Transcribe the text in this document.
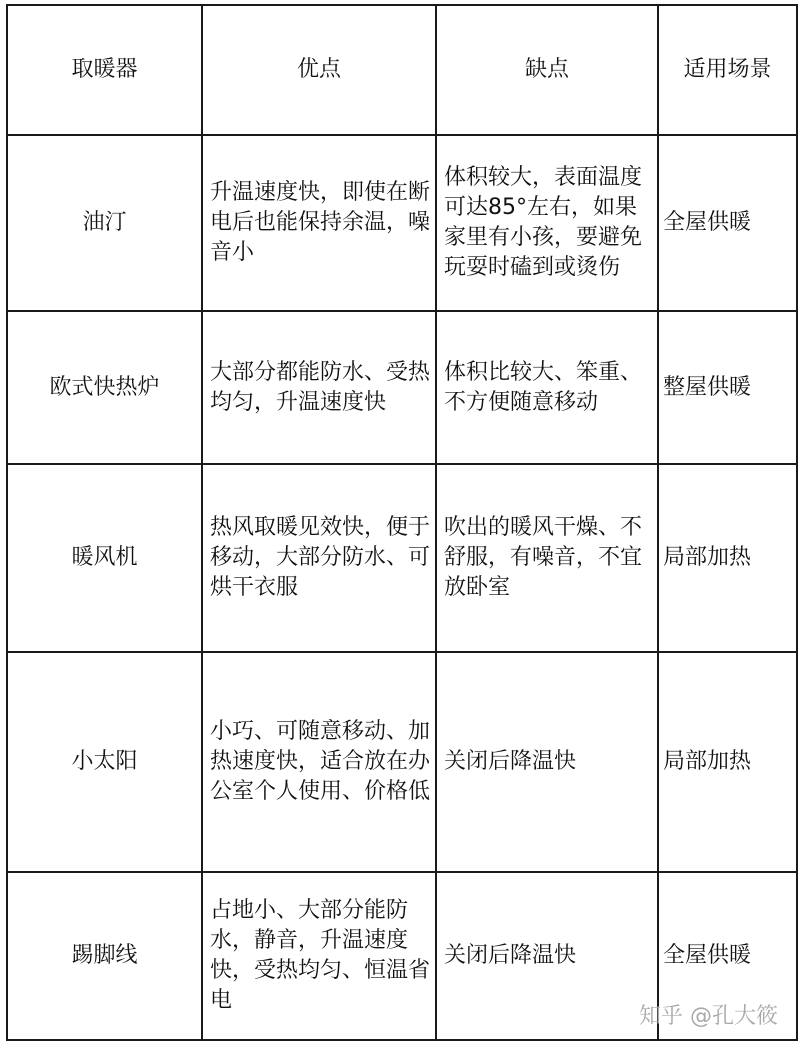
取暖器	优点	缺点	适用场景
油汀	升温速度快，即使在断电后也能保持余温，噪音小	体积较大，表面温度可达85°左右，如果家里有小孩，要避免玩耍时磕到或烫伤	全屋供暖
欧式快热炉	大部分都能防水、受热均匀，升温速度快	体积比较大、笨重、不方便随意移动	整屋供暖
暖风机	热风取暖见效快，便于移动，大部分防水、可烘干衣服	吹出的暖风干燥、不舒服，有噪音，不宜放卧室	局部加热
小太阳	小巧、可随意移动、加热速度快，适合放在办公室个人使用、价格低	关闭后降温快	局部加热
踢脚线	占地小、大部分能防水，静音，升温速度快，受热均匀、恒温省电	关闭后降温快	全屋供暖
知乎 @孔大筱
